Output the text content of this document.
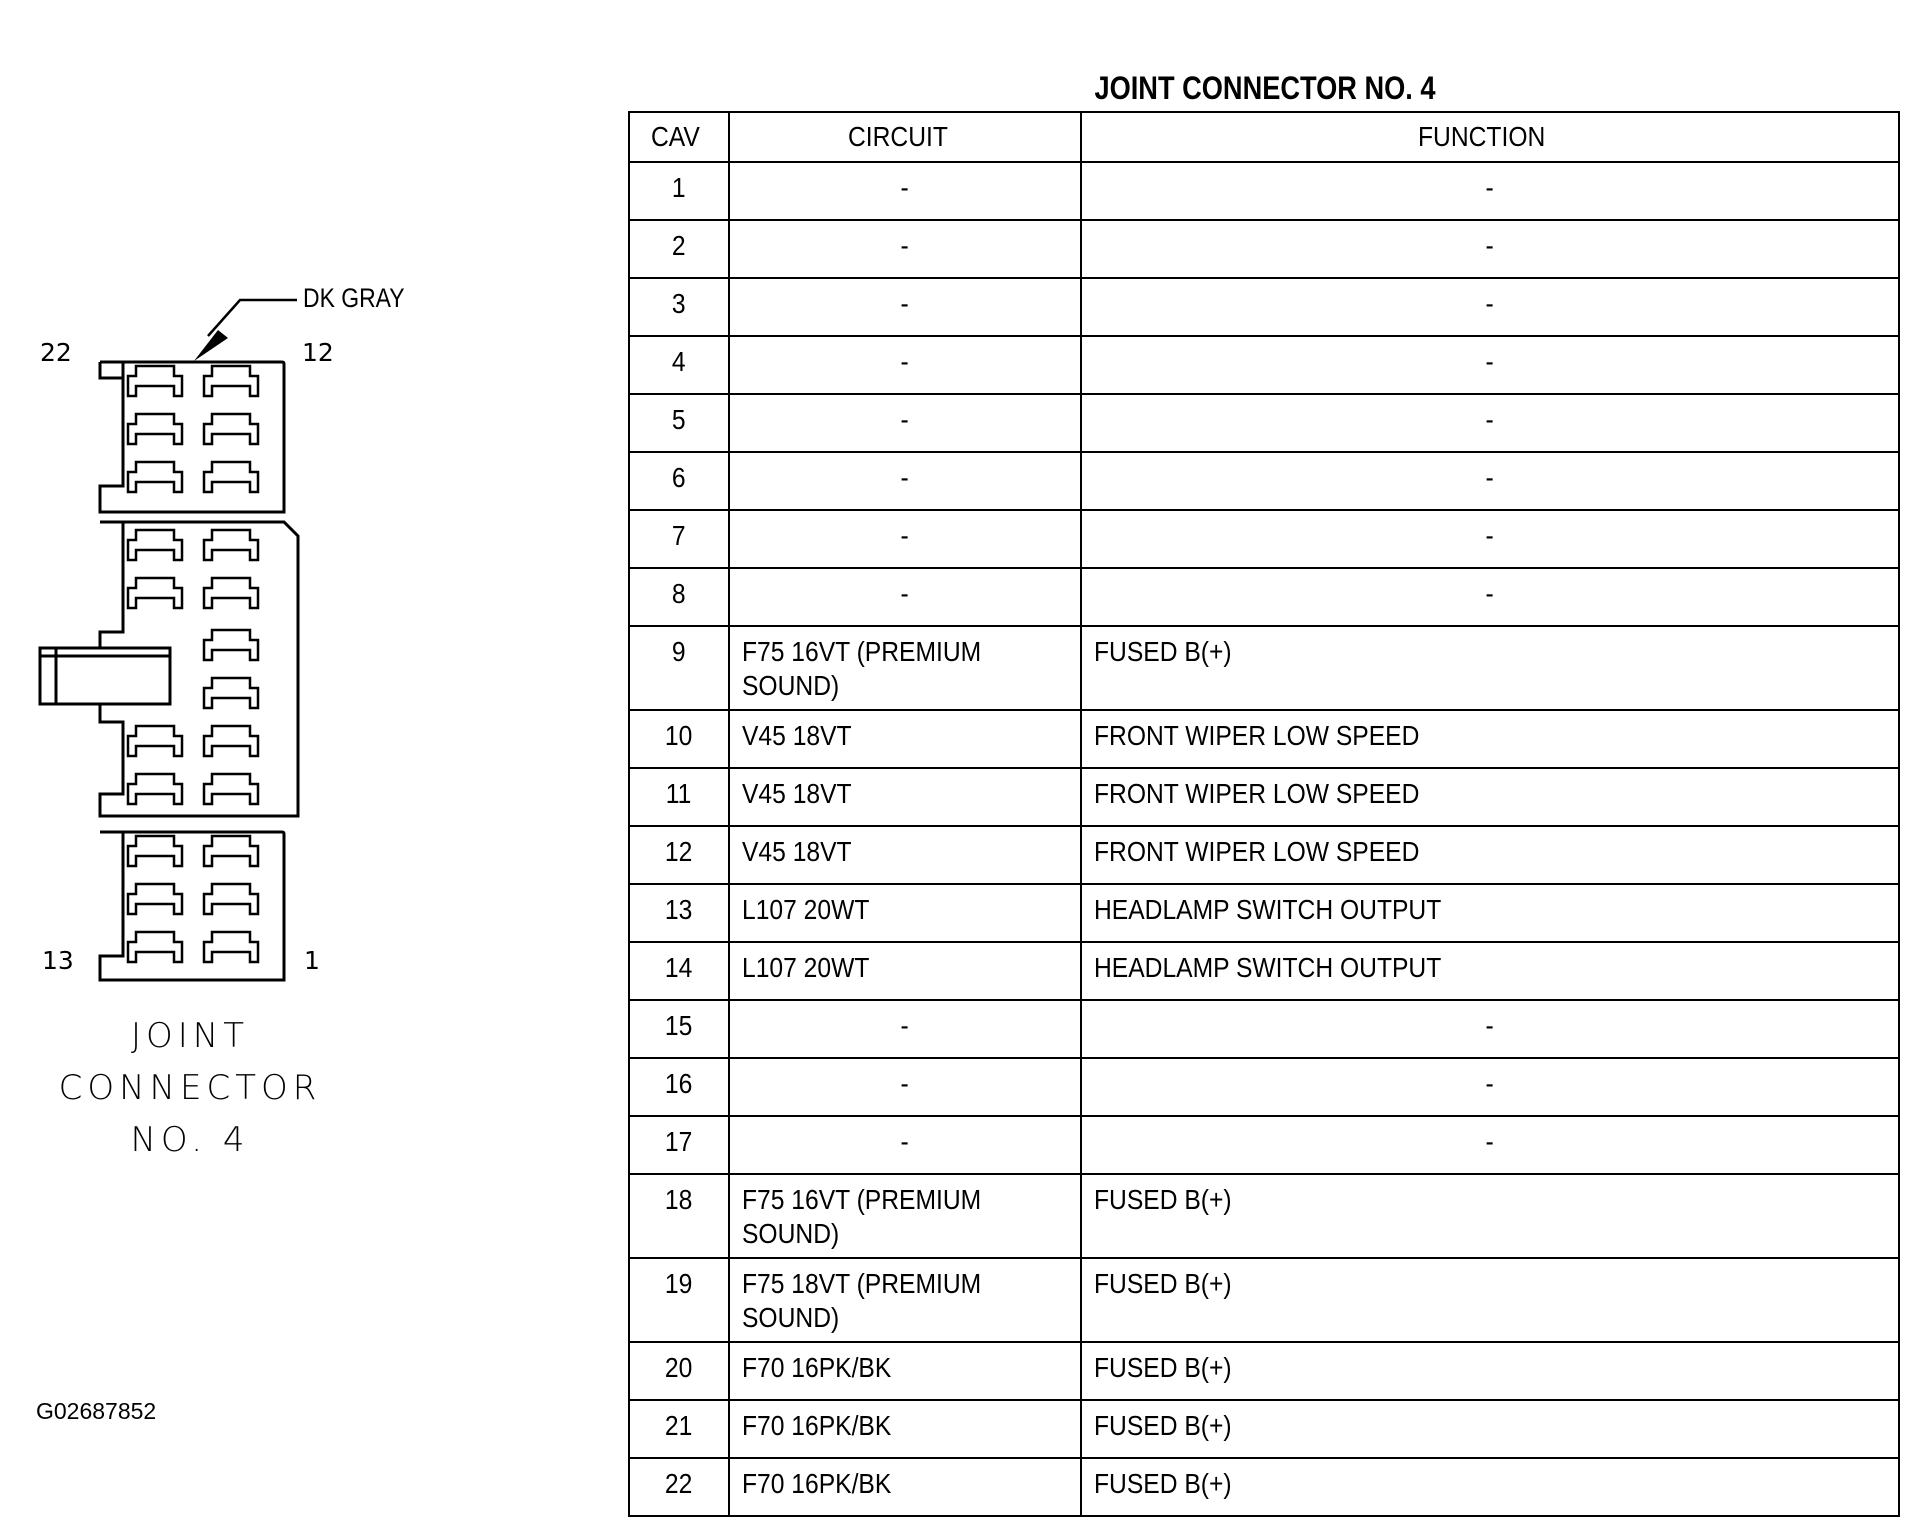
DK GRAY
22	12
13	1
JOINT
CONNECTOR
NO. 4
G02687852
JOINT CONNECTOR NO. 4
CAV	CIRCUIT	FUNCTION
1	-	-
2	-	-
3	-	-
4	-	-
5	-	-
6	-	-
7	-	-
8	-	-
9	F75 16VT (PREMIUM SOUND)	FUSED B(+)
10	V45 18VT	FRONT WIPER LOW SPEED
11	V45 18VT	FRONT WIPER LOW SPEED
12	V45 18VT	FRONT WIPER LOW SPEED
13	L107 20WT	HEADLAMP SWITCH OUTPUT
14	L107 20WT	HEADLAMP SWITCH OUTPUT
15	-	-
16	-	-
17	-	-
18	F75 16VT (PREMIUM SOUND)	FUSED B(+)
19	F75 18VT (PREMIUM SOUND)	FUSED B(+)
20	F70 16PK/BK	FUSED B(+)
21	F70 16PK/BK	FUSED B(+)
22	F70 16PK/BK	FUSED B(+)
